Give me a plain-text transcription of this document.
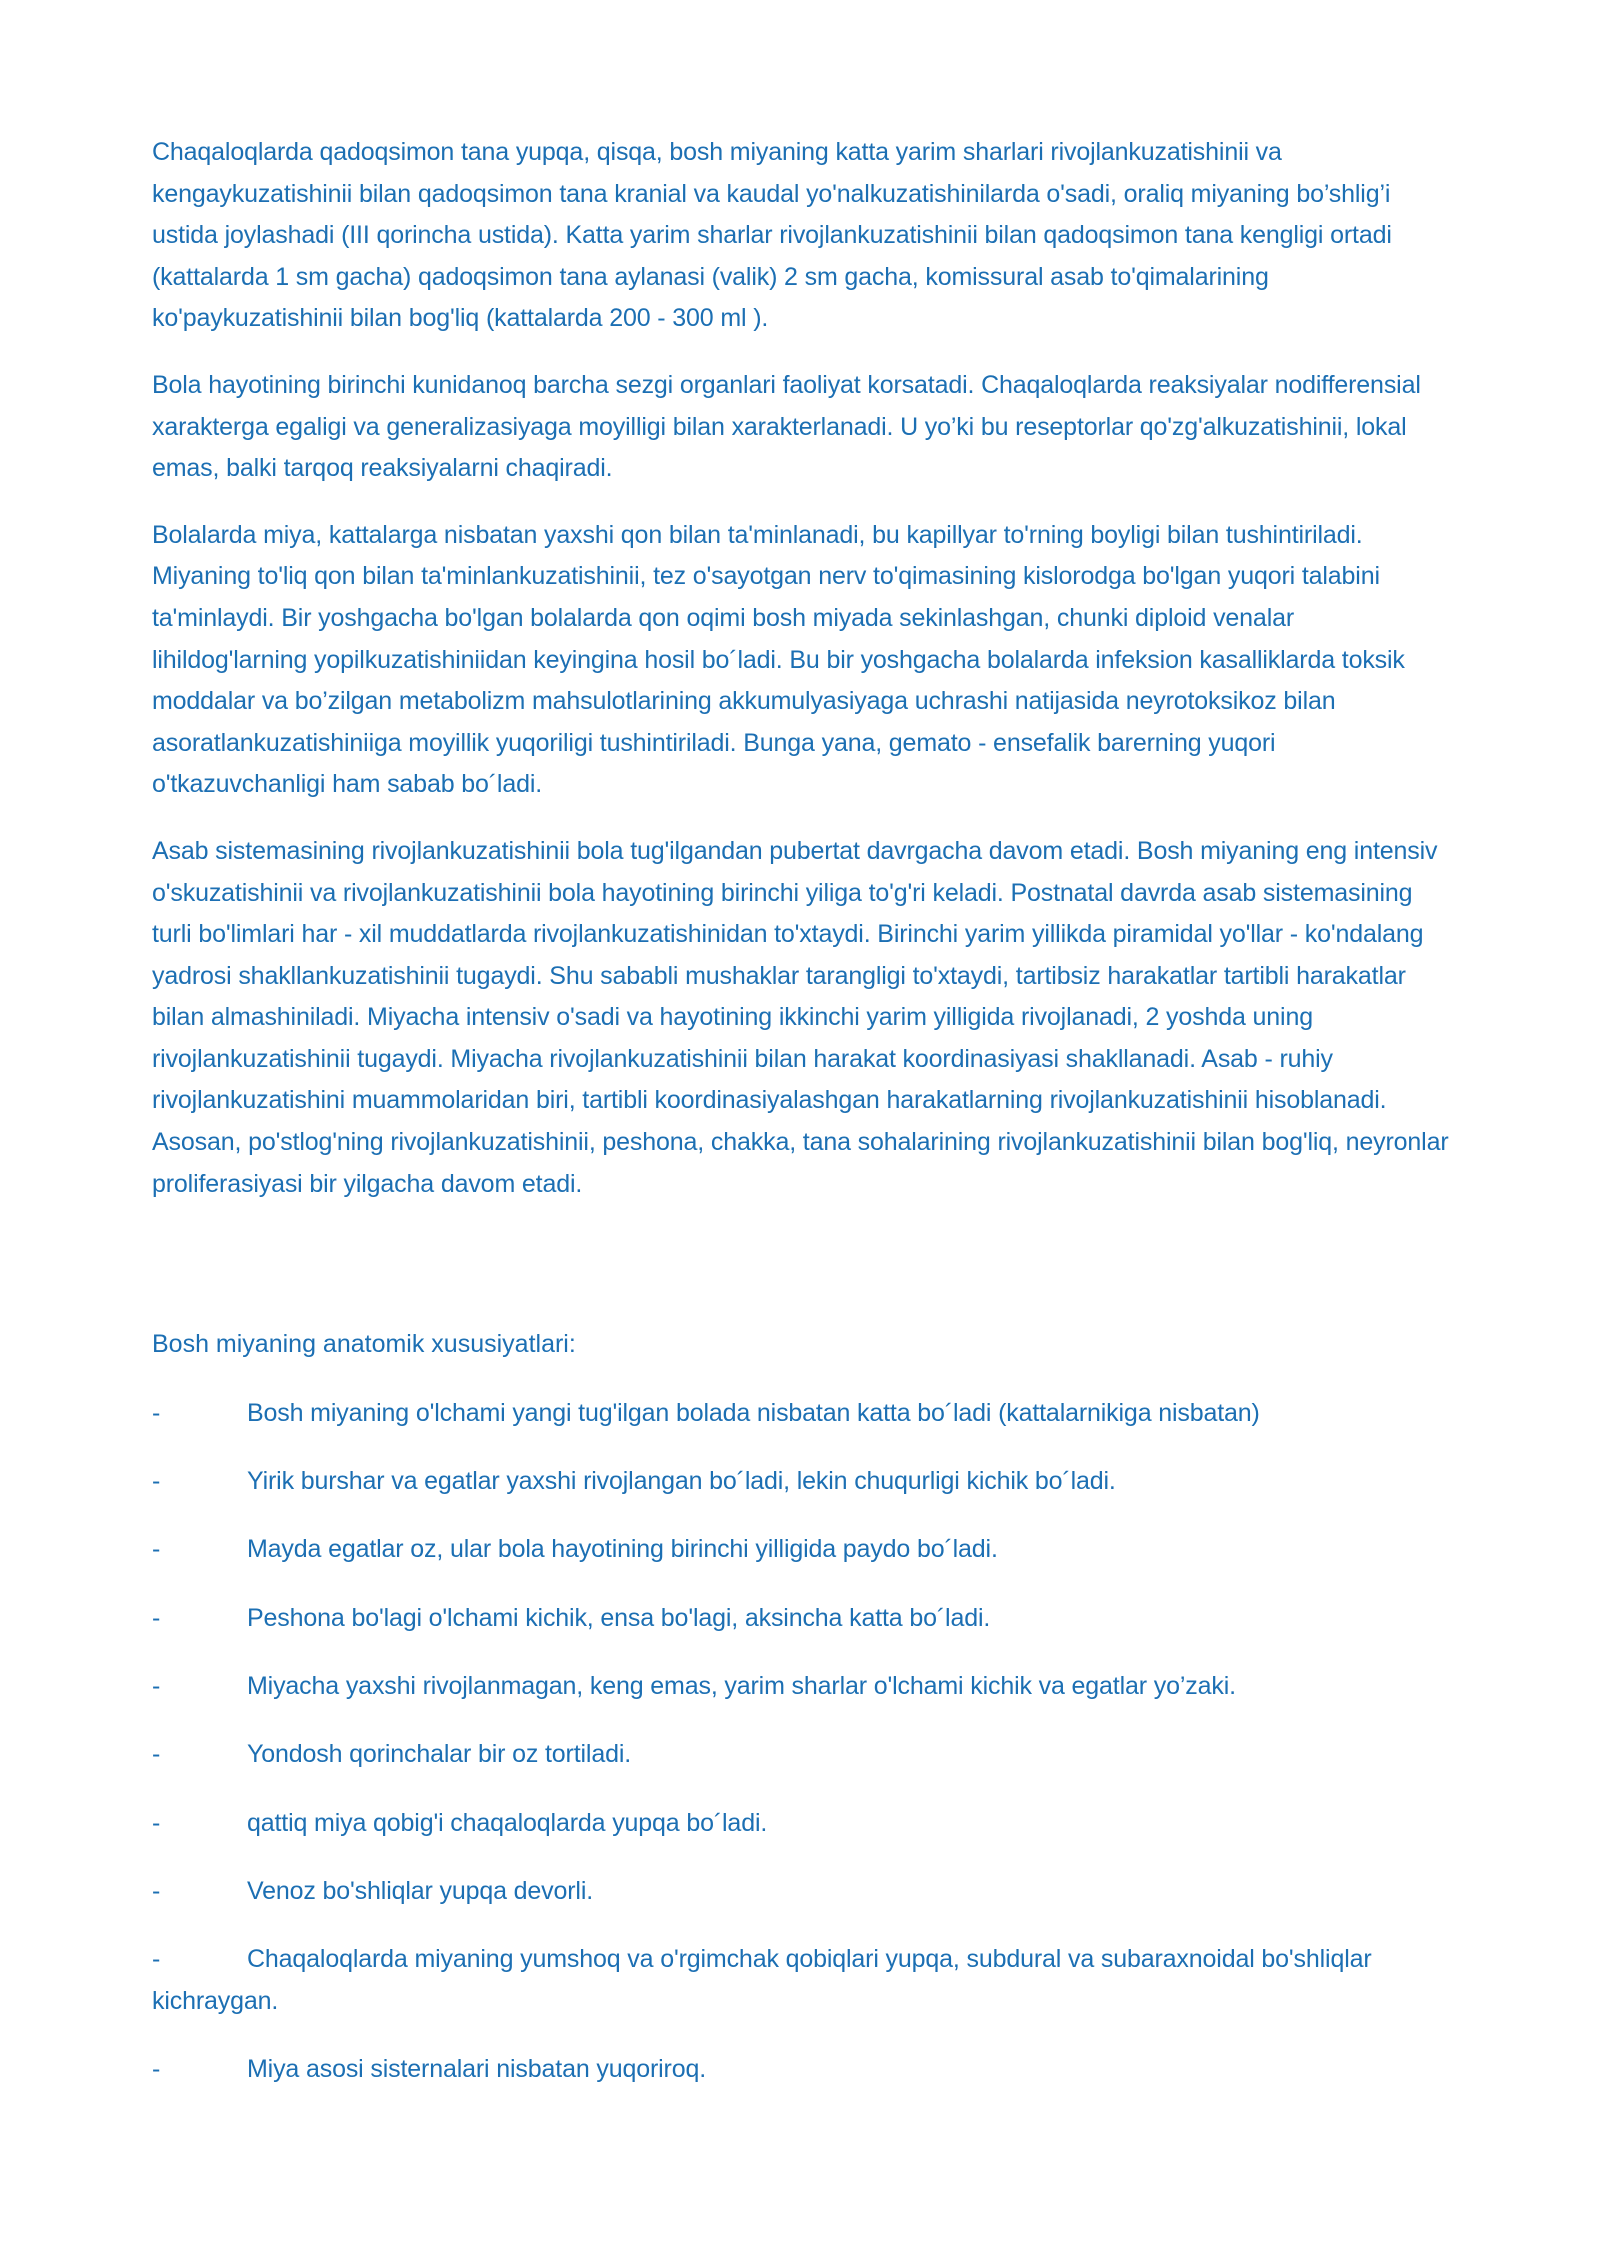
Chaqaloqlarda qadoqsimon tana yupqa, qisqa, bosh miyaning katta yarim sharlari rivojlankuzatishinii va kengaykuzatishinii bilan qadoqsimon tana kranial va kaudal yo'nalkuzatishinilarda o'sadi, oraliq miyaning bo’shlig’i ustida joylashadi (III qorincha ustida). Katta yarim sharlar rivojlankuzatishinii bilan qadoqsimon tana kengligi ortadi (kattalarda 1 sm gacha) qadoqsimon tana aylanasi (valik) 2 sm gacha, komissural asab to'qimalarining ko'paykuzatishinii bilan bog'liq (kattalarda 200 - 300 ml ).

Bola hayotining birinchi kunidanoq barcha sezgi organlari faoliyat korsatadi. Chaqaloqlarda reaksiyalar nodifferensial xarakterga egaligi va generalizasiyaga moyilligi bilan xarakterlanadi. U yo’ki bu reseptorlar qo'zg'alkuzatishinii, lokal emas, balki tarqoq reaksiyalarni chaqiradi.

Bolalarda miya, kattalarga nisbatan yaxshi qon bilan ta'minlanadi, bu kapillyar to'rning boyligi bilan tushintiriladi. Miyaning to'liq qon bilan ta'minlankuzatishinii, tez o'sayotgan nerv to'qimasining kislorodga bo'lgan yuqori talabini ta'minlaydi. Bir yoshgacha bo'lgan bolalarda qon oqimi bosh miyada sekinlashgan, chunki diploid venalar lihildog'larning yopilkuzatishiniidan keyingina hosil bo´ladi. Bu bir yoshgacha bolalarda infeksion kasalliklarda toksik moddalar va bo’zilgan metabolizm mahsulotlarining akkumulyasiyaga uchrashi natijasida neyrotoksikoz bilan asoratlankuzatishiniiga moyillik yuqoriligi tushintiriladi. Bunga yana, gemato - ensefalik barerning yuqori o'tkazuvchanligi ham sabab bo´ladi.

Asab sistemasining rivojlankuzatishinii bola tug'ilgandan pubertat davrgacha davom etadi. Bosh miyaning eng intensiv o'skuzatishinii va rivojlankuzatishinii bola hayotining birinchi yiliga to'g'ri keladi. Postnatal davrda asab sistemasining turli bo'limlari har - xil muddatlarda rivojlankuzatishinidan to'xtaydi. Birinchi yarim yillikda piramidal yo'llar - ko'ndalang yadrosi shakllankuzatishinii tugaydi. Shu sababli mushaklar tarangligi to'xtaydi, tartibsiz harakatlar tartibli harakatlar bilan almashiniladi. Miyacha intensiv o'sadi va hayotining ikkinchi yarim yilligida rivojlanadi, 2 yoshda uning rivojlankuzatishinii tugaydi. Miyacha rivojlankuzatishinii bilan harakat koordinasiyasi shakllanadi. Asab - ruhiy rivojlankuzatishini muammolaridan biri, tartibli koordinasiyalashgan harakatlarning rivojlankuzatishinii hisoblanadi. Asosan, po'stlog'ning rivojlankuzatishinii, peshona, chakka, tana sohalarining rivojlankuzatishinii bilan bog'liq, neyronlar proliferasiyasi bir yilgacha davom etadi.

Bosh miyaning anatomik xususiyatlari:

-	Bosh miyaning o'lchami yangi tug'ilgan bolada nisbatan katta bo´ladi (kattalarnikiga nisbatan)
-	Yirik burshar va egatlar yaxshi rivojlangan bo´ladi, lekin chuqurligi kichik bo´ladi.
-	Mayda egatlar oz, ular bola hayotining birinchi yilligida paydo bo´ladi.
-	Peshona bo'lagi o'lchami kichik, ensa bo'lagi, aksincha katta bo´ladi.
-	Miyacha yaxshi rivojlanmagan, keng emas, yarim sharlar o'lchami kichik va egatlar yo’zaki.
-	Yondosh qorinchalar bir oz tortiladi.
-	qattiq miya qobig'i chaqaloqlarda yupqa bo´ladi.
-	Venoz bo'shliqlar yupqa devorli.
-	Chaqaloqlarda miyaning yumshoq va o'rgimchak qobiqlari yupqa, subdural va subaraxnoidal bo'shliqlar kichraygan.
-	Miya asosi sisternalari nisbatan yuqoriroq.
